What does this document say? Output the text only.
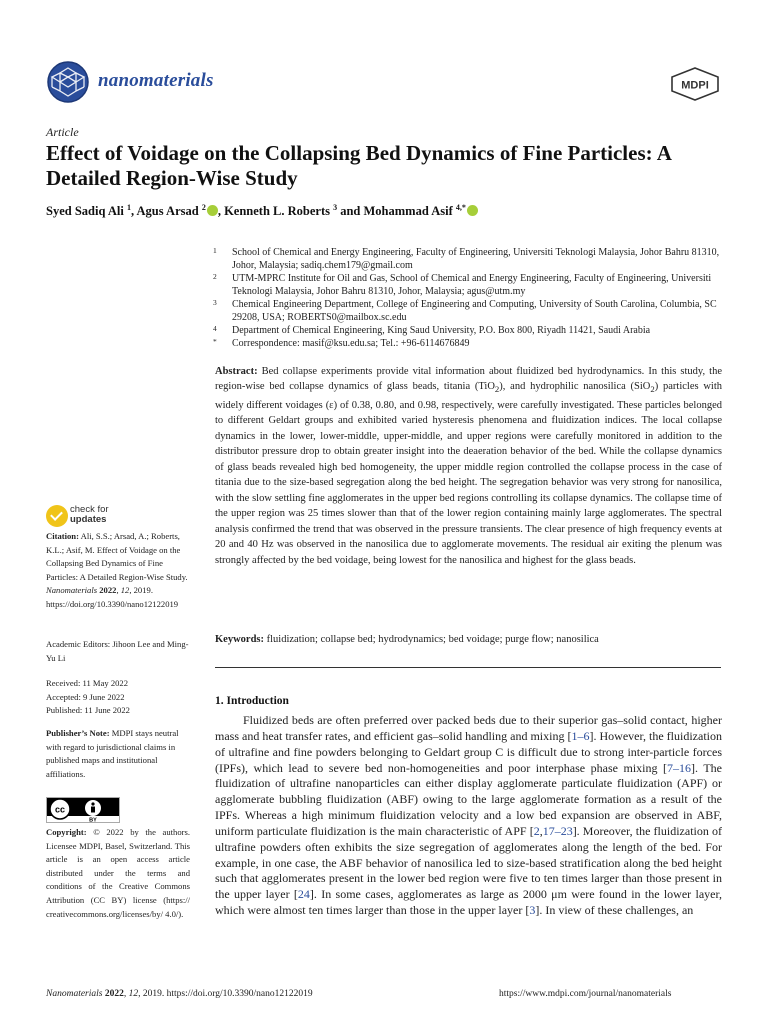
nanomaterials	MDPI
Article
Effect of Voidage on the Collapsing Bed Dynamics of Fine Particles: A Detailed Region-Wise Study
Syed Sadiq Ali $^1$, Agus Arsad $^2$ , Kenneth L. Roberts $^3$ and Mohammad Asif $^{4,*}$
1 School of Chemical and Energy Engineering, Faculty of Engineering, Universiti Teknologi Malaysia, Johor Bahru 81310, Johor, Malaysia; sadiq.chem179@gmail.com
2 UTM-MPRC Institute for Oil and Gas, School of Chemical and Energy Engineering, Faculty of Engineering, Universiti Teknologi Malaysia, Johor Bahru 81310, Johor, Malaysia; agus@utm.my
3 Chemical Engineering Department, College of Engineering and Computing, University of South Carolina, Columbia, SC 29208, USA; ROBERTS0@mailbox.sc.edu
4 Department of Chemical Engineering, King Saud University, P.O. Box 800, Riyadh 11421, Saudi Arabia
* Correspondence: masif@ksu.edu.sa; Tel.: +96-6114676849
Abstract: Bed collapse experiments provide vital information about fluidized bed hydrodynamics. In this study, the region-wise bed collapse dynamics of glass beads, titania (TiO$_2$), and hydrophilic nanosilica (SiO$_2$) particles with widely different voidages (ε) of 0.38, 0.80, and 0.98, respectively, were carefully investigated. These particles belonged to different Geldart groups and exhibited varied hysteresis phenomena and fluidization indices. The local collapse dynamics in the lower, lower-middle, upper-middle, and upper regions were carefully monitored in addition to the distributor pressure drop to obtain greater insight into the deaeration behavior of the bed. While the collapse dynamics of glass beads revealed high bed homogeneity, the upper middle region controlled the collapse process in the case of titania due to the size-based segregation along the bed height. The segregation behavior was very strong for nanosilica, with the slow settling fine agglomerates in the upper bed regions controlling its collapse dynamics. The collapse time of the upper region was 25 times slower than that of the lower region containing mainly large agglomerates. The spectral analysis confirmed the trend that was observed in the pressure transients. The clear presence of high frequency events at 20 and 40 Hz was observed in the nanosilica due to agglomerate movements. The residual air exiting the plenum was strongly affected by the bed voidage, being lowest for the nanosilica and highest for the glass beads.
Keywords: fluidization; collapse bed; hydrodynamics; bed voidage; purge flow; nanosilica
1. Introduction

Fluidized beds are often preferred over packed beds due to their superior gas–solid contact, higher mass and heat transfer rates, and efficient gas–solid handling and mixing [1–6]. However, the fluidization of ultrafine and fine powders belonging to Geldart group C is difficult due to strong inter-particle forces (IPFs), which lead to severe bed non-homogeneities and poor interphase phase mixing [7–16]. The fluidization of ultrafine nanoparticles can either display agglomerate particulate fluidization (APF) or agglomerate bubbling fluidization (ABF) owing to the large agglomerate formation as a result of the IPFs. Whereas a high minimum fluidization velocity and a low bed expansion are observed in ABF, uniform particulate fluidization is the main characteristic of APF [2,17–23]. Moreover, the fluidization of ultrafine powders often exhibits the size segregation of agglomerates along the length of the bed. For example, in one case, the ABF behavior of nanosilica led to size-based stratification along the bed height such that agglomerates present in the lower bed region were five to ten times larger than those present in the upper layer [24]. In some cases, agglomerates as large as 2000 μm were found in the lower layer, which were almost ten times larger than those in the upper layer [3]. In view of these challenges, an

check for
updates
Citation: Ali, S.S.; Arsad, A.; Roberts, K.L.; Asif, M. Effect of Voidage on the Collapsing Bed Dynamics of Fine Particles: A Detailed Region-Wise Study. Nanomaterials 2022, 12, 2019. https://doi.org/10.3390/nano12122019
Academic Editors: Jihoon Lee and Ming-Yu Li
Received: 11 May 2022
Accepted: 9 June 2022
Published: 11 June 2022
Publisher’s Note: MDPI stays neutral with regard to jurisdictional claims in published maps and institutional affiliations.
cc
BY
Copyright: © 2022 by the authors. Licensee MDPI, Basel, Switzerland. This article is an open access article distributed under the terms and conditions of the Creative Commons Attribution (CC BY) license (https:// creativecommons.org/licenses/by/ 4.0/).
Nanomaterials 2022, 12, 2019. https://doi.org/10.3390/nano12122019	https://www.mdpi.com/journal/nanomaterials
